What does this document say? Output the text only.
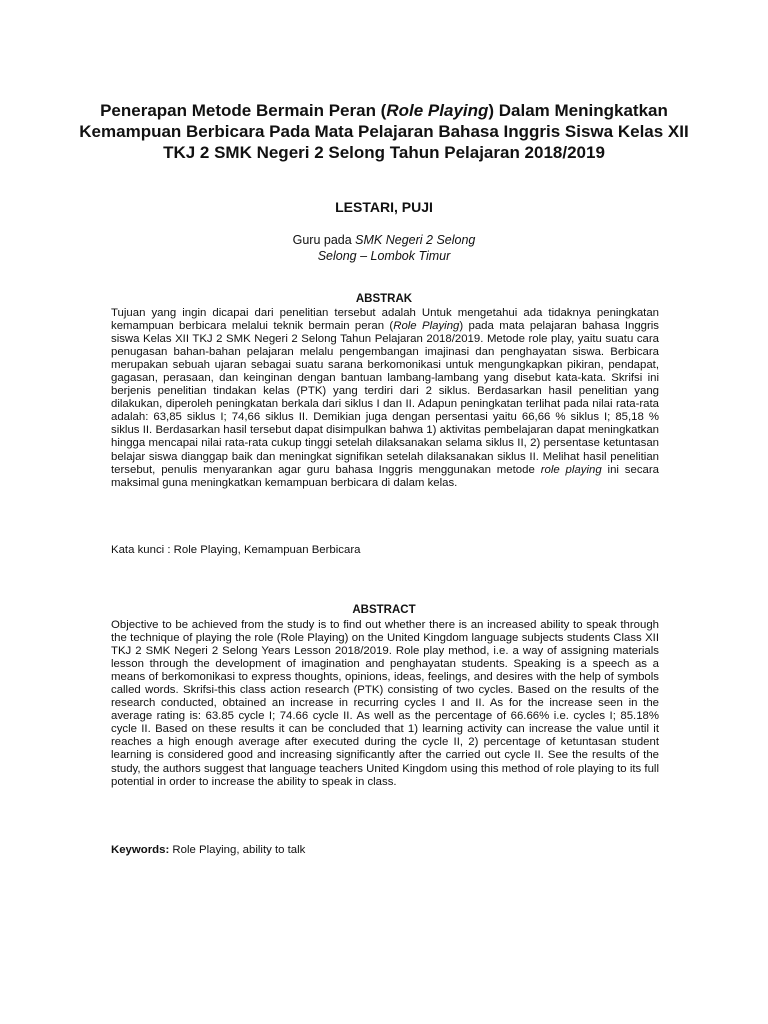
Penerapan Metode Bermain Peran (Role Playing) Dalam Meningkatkan Kemampuan Berbicara Pada Mata Pelajaran Bahasa Inggris Siswa Kelas XII TKJ 2 SMK Negeri 2 Selong Tahun Pelajaran 2018/2019
LESTARI, PUJI
Guru pada SMK Negeri 2 Selong
Selong – Lombok Timur
ABSTRAK
Tujuan yang ingin dicapai dari penelitian tersebut adalah Untuk mengetahui ada tidaknya peningkatan kemampuan berbicara melalui teknik bermain peran (Role Playing) pada mata pelajaran bahasa Inggris siswa Kelas XII TKJ 2 SMK Negeri 2 Selong Tahun Pelajaran 2018/2019. Metode role play, yaitu suatu cara penugasan bahan-bahan pelajaran melalu pengembangan imajinasi dan penghayatan siswa. Berbicara merupakan sebuah ujaran sebagai suatu sarana berkomonikasi untuk mengungkapkan pikiran, pendapat, gagasan, perasaan, dan keinginan dengan bantuan lambang-lambang yang disebut kata-kata. Skrifsi ini berjenis penelitian tindakan kelas (PTK) yang terdiri dari 2 siklus. Berdasarkan hasil penelitian yang dilakukan, diperoleh peningkatan berkala dari siklus I dan II. Adapun peningkatan terlihat pada nilai rata-rata adalah: 63,85 siklus I; 74,66 siklus II. Demikian juga dengan persentasi yaitu 66,66 % siklus I; 85,18 % siklus II. Berdasarkan hasil tersebut dapat disimpulkan bahwa 1) aktivitas pembelajaran dapat meningkatkan hingga mencapai nilai rata-rata cukup tinggi setelah dilaksanakan selama siklus II, 2) persentase ketuntasan belajar siswa dianggap baik dan meningkat signifikan setelah dilaksanakan siklus II. Melihat hasil penelitian tersebut, penulis menyarankan agar guru bahasa Inggris menggunakan metode role playing ini secara maksimal guna meningkatkan kemampuan berbicara di dalam kelas.
Kata kunci : Role Playing, Kemampuan Berbicara
ABSTRACT
Objective to be achieved from the study is to find out whether there is an increased ability to speak through the technique of playing the role (Role Playing) on the United Kingdom language subjects students Class XII TKJ 2 SMK Negeri 2 Selong Years Lesson 2018/2019. Role play method, i.e. a way of assigning materials lesson through the development of imagination and penghayatan students. Speaking is a speech as a means of berkomonikasi to express thoughts, opinions, ideas, feelings, and desires with the help of symbols called words. Skrifsi-this class action research (PTK) consisting of two cycles. Based on the results of the research conducted, obtained an increase in recurring cycles I and II. As for the increase seen in the average rating is: 63.85 cycle I; 74.66 cycle II. As well as the percentage of 66.66% i.e. cycles I; 85.18% cycle II. Based on these results it can be concluded that 1) learning activity can increase the value until it reaches a high enough average after executed during the cycle II, 2) percentage of ketuntasan student learning is considered good and increasing significantly after the carried out cycle II. See the results of the study, the authors suggest that language teachers United Kingdom using this method of role playing to its full potential in order to increase the ability to speak in class.
Keywords: Role Playing, ability to talk
